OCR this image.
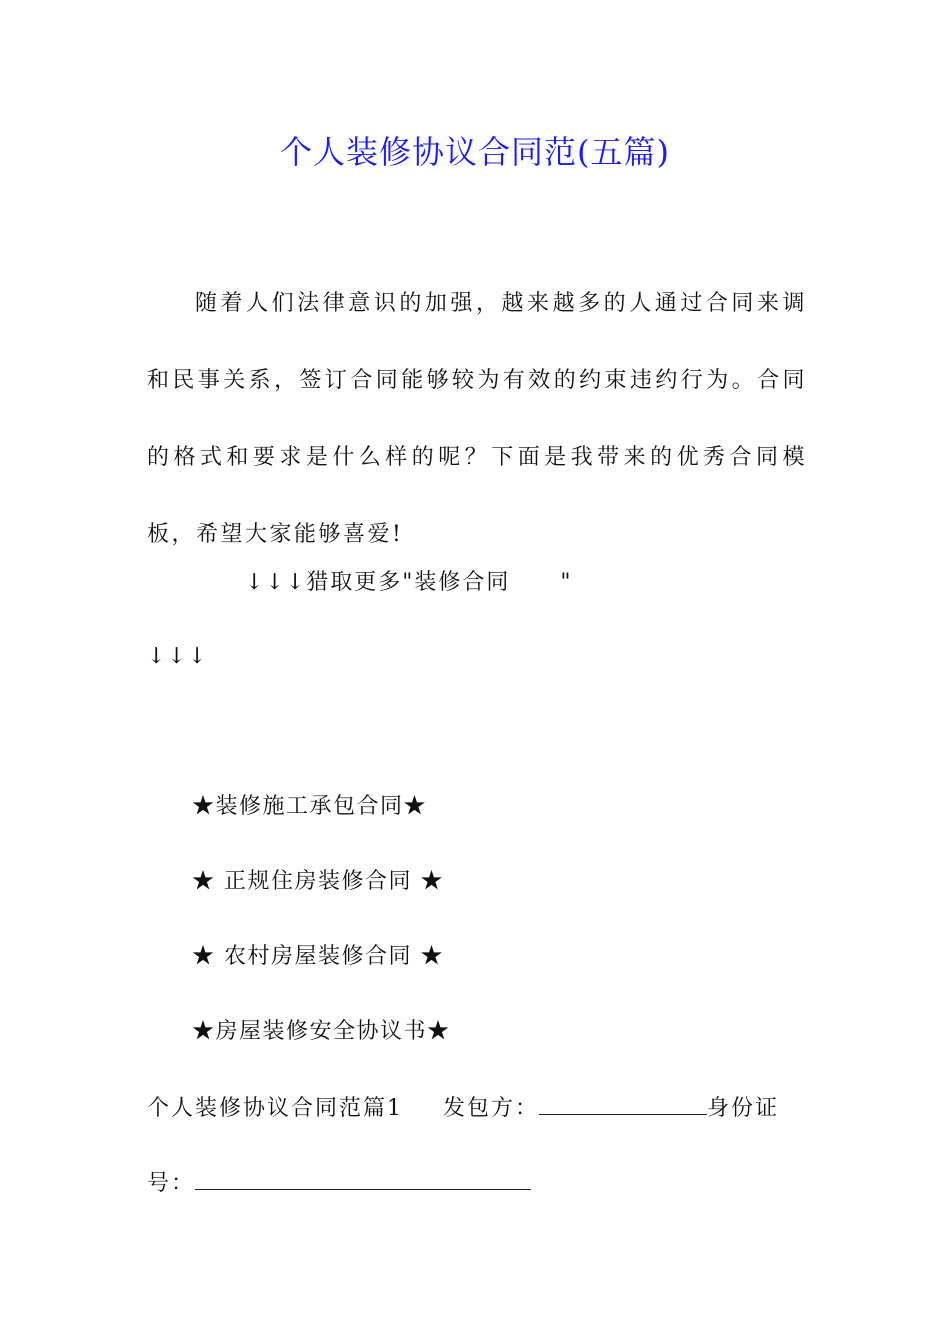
个人装修协议合同范(五篇)

随着人们法律意识的加强，越来越多的人通过合同来调和民事关系，签订合同能够较为有效的约束违约行为。合同的格式和要求是什么样的呢？下面是我带来的优秀合同模板，希望大家能够喜爱!

↓↓↓猎取更多"装修合同 "
↓↓↓
★装修施工承包合同★
★ 正规住房装修合同 ★
★ 农村房屋装修合同 ★
★房屋装修安全协议书★
个人装修协议合同范篇1 发包方：	身份证
号：
